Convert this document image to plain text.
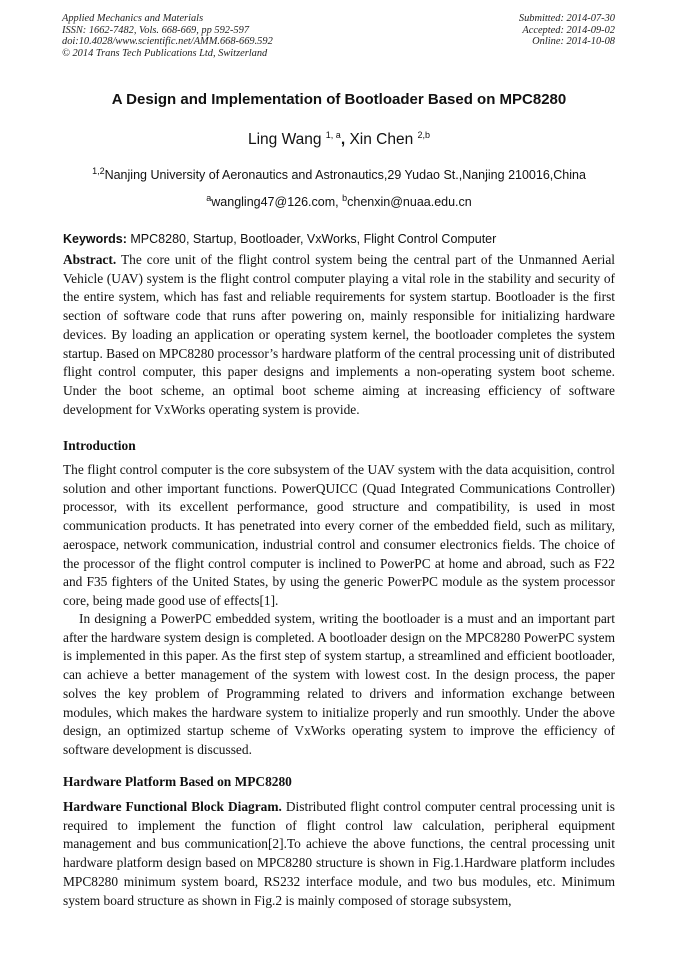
Applied Mechanics and Materials
ISSN: 1662-7482, Vols. 668-669, pp 592-597
doi:10.4028/www.scientific.net/AMM.668-669.592
© 2014 Trans Tech Publications Ltd, Switzerland
Submitted: 2014-07-30
Accepted: 2014-09-02
Online: 2014-10-08
A Design and Implementation of Bootloader Based on MPC8280
Ling Wang $^{1, a}$, Xin Chen $^{2,b}$
$^{1,2}$Nanjing University of Aeronautics and Astronautics,29 Yudao St.,Nanjing 210016,China
$^a$wangling47@126.com, $^b$chenxin@nuaa.edu.cn
Keywords: MPC8280, Startup, Bootloader, VxWorks, Flight Control Computer

Abstract. The core unit of the flight control system being the central part of the Unmanned Aerial Vehicle (UAV) system is the flight control computer playing a vital role in the stability and security of the entire system, which has fast and reliable requirements for system startup. Bootloader is the first section of software code that runs after powering on, mainly responsible for initializing hardware devices. By loading an application or operating system kernel, the bootloader completes the system startup. Based on MPC8280 processor’s hardware platform of the central processing unit of distributed flight control computer, this paper designs and implements a non-operating system boot scheme. Under the boot scheme, an optimal boot scheme aiming at increasing efficiency of software development for VxWorks operating system is provide.

Introduction

The flight control computer is the core subsystem of the UAV system with the data acquisition, control solution and other important functions. PowerQUICC (Quad Integrated Communications Controller) processor, with its excellent performance, good structure and compatibility, is used in most communication products. It has penetrated into every corner of the embedded field, such as military, aerospace, network communication, industrial control and consumer electronics fields. The choice of the processor of the flight control computer is inclined to PowerPC at home and abroad, such as F22 and F35 fighters of the United States, by using the generic PowerPC module as the system processor core, being made good use of effects[1].

In designing a PowerPC embedded system, writing the bootloader is a must and an important part after the hardware system design is completed. A bootloader design on the MPC8280 PowerPC system is implemented in this paper. As the first step of system startup, a streamlined and efficient bootloader, can achieve a better management of the system with lowest cost. In the design process, the paper solves the key problem of Programming related to drivers and information exchange between modules, which makes the hardware system to initialize properly and run smoothly. Under the above design, an optimized startup scheme of VxWorks operating system to improve the efficiency of software development is discussed.

Hardware Platform Based on MPC8280

Hardware Functional Block Diagram. Distributed flight control computer central processing unit is required to implement the function of flight control law calculation, peripheral equipment management and bus communication[2].To achieve the above functions, the central processing unit hardware platform design based on MPC8280 structure is shown in Fig.1.Hardware platform includes MPC8280 minimum system board, RS232 interface module, and two bus modules, etc. Minimum system board structure as shown in Fig.2 is mainly composed of storage subsystem,
